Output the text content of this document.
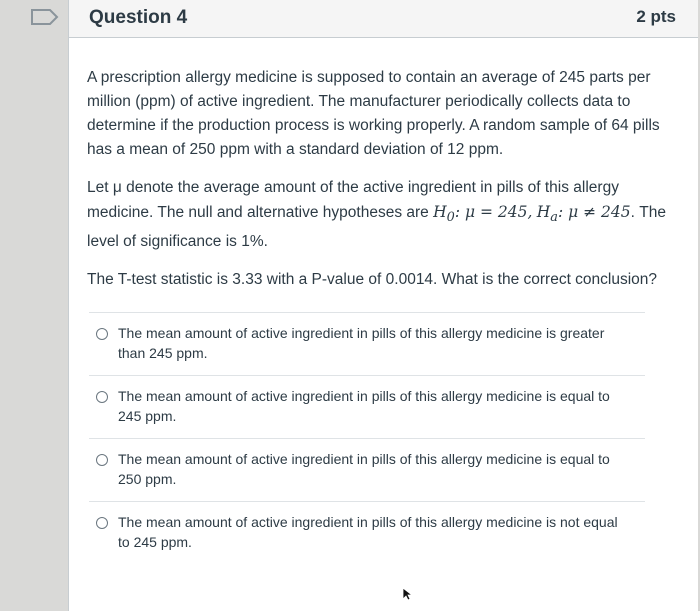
Question 4	2 pts

A prescription allergy medicine is supposed to contain an average of 245 parts per million (ppm) of active ingredient. The manufacturer periodically collects data to determine if the production process is working properly. A random sample of 64 pills has a mean of 250 ppm with a standard deviation of 12 ppm.

Let μ denote the average amount of the active ingredient in pills of this allergy medicine. The null and alternative hypotheses are $H_0$: μ = 245, $H_a$: μ ≠ 245. The level of significance is 1%.

The T-test statistic is 3.33 with a P-value of 0.0014. What is the correct conclusion?

The mean amount of active ingredient in pills of this allergy medicine is greater than 245 ppm.
The mean amount of active ingredient in pills of this allergy medicine is equal to 245 ppm.
The mean amount of active ingredient in pills of this allergy medicine is equal to 250 ppm.
The mean amount of active ingredient in pills of this allergy medicine is not equal to 245 ppm.
